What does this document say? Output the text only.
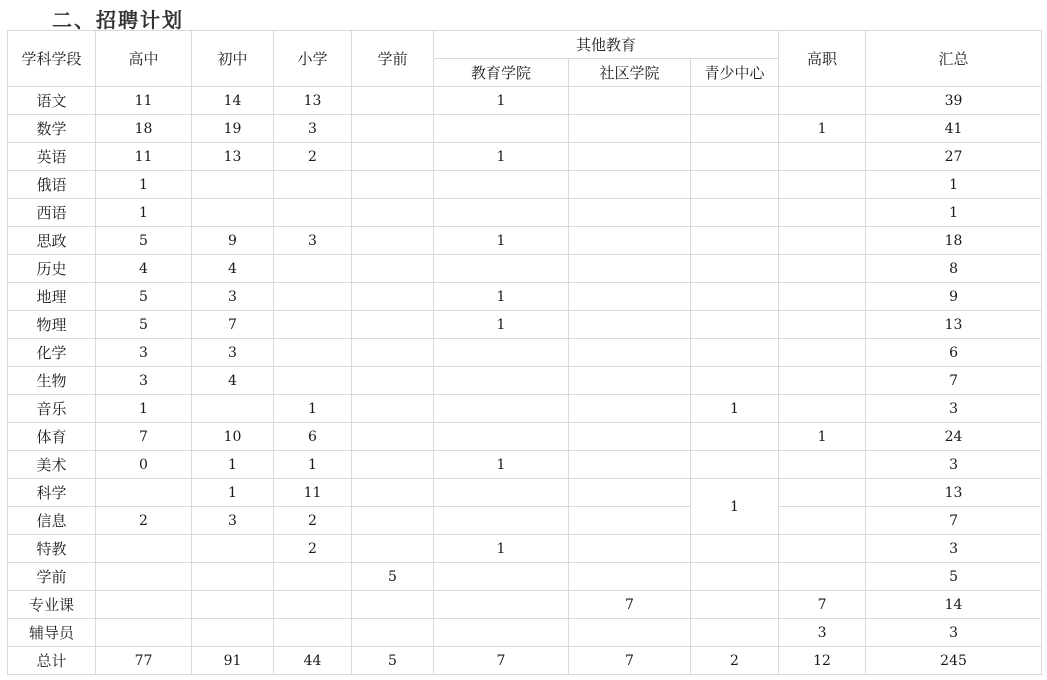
二、招聘计划
学科学段	高中	初中	小学	学前	其他教育			高职	汇总
					教育学院	社区学院	青少中心		
语文	11	14	13		1				39
数学	18	19	3					1	41
英语	11	13	2		1				27
俄语	1								1
西语	1								1
思政	5	9	3		1				18
历史	4	4							8
地理	5	3			1				9
物理	5	7			1				13
化学	3	3							6
生物	3	4							7
音乐	1		1				1		3
体育	7	10	6					1	24
美术	0	1	1		1				3
科学		1	11				1		13
信息	2	3	2						7
特教			2		1				3
学前				5					5
专业课						7		7	14
辅导员								3	3
总计	77	91	44	5	7	7	2	12	245
